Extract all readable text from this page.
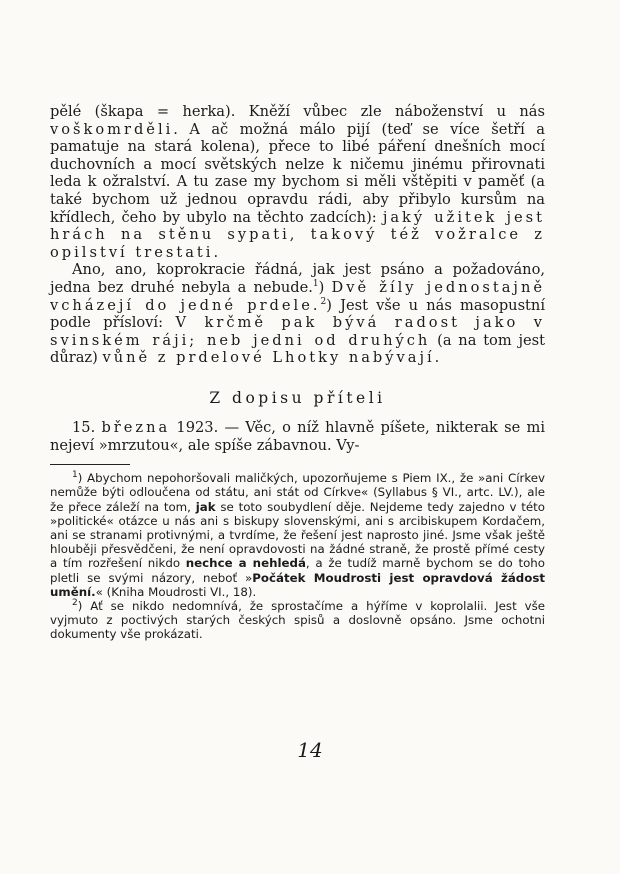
pělé (škapa = herka). Kněží vůbec zle náboženství u nás voškomrděli. A ač možná málo pijí (teď se více šetří a pamatuje na stará kolena), přece to libé páření dnešních mocí duchovních a mocí světských nelze k ničemu jinému přirovnati leda k ožralství. A tu zase my bychom si měli vštěpiti v paměť (a také bychom už jednou opravdu rádi, aby přibylo kursům na křídlech, čeho by ubylo na těchto zadcích): jaký užitek jest hrách na stěnu sypati, takový též vožralce z opilství trestati.

Ano, ano, koprokracie řádná, jak jest psáno a požadováno, jedna bez druhé nebyla a nebude.$^1$) Dvě žíly jednostajně vcházejí do jedné prdele.$^2$) Jest vše u nás masopustní podle přísloví: V krčmě pak bývá radost jako v svinském ráji; neb jedni od druhých (a na tom jest důraz) vůně z prdelové Lhotky nabývají.

Z dopisu příteli

15. března 1923. — Věc, o níž hlavně píšete, nikterak se mi nejeví »mrzutou«, ale spíše zábavnou. Vy-

$^1$) Abychom nepohoršovali maličkých, upozorňujeme s Piem IX., že »ani Církev nemůže býti odloučena od státu, ani stát od Církve« (Syllabus § VI., artc. LV.), ale že přece záleží na tom, jak se toto soubydlení děje. Nejdeme tedy zajedno v této »politické« otázce u nás ani s biskupy slovenskými, ani s arcibiskupem Kordačem, ani se stranami protivnými, a tvrdíme, že řešení jest naprosto jiné. Jsme však ještě hlouběji přesvědčeni, že není opravdovosti na žádné straně, že prostě přímé cesty a tím rozřešení nikdo nechce a nehledá, a že tudíž marně bychom se do toho pletli se svými názory, neboť »Počátek Moudrosti jest opravdová žádost umění.« (Kniha Moudrosti VI., 18).

$^2$) Ať se nikdo nedomnívá, že sprostačíme a hýříme v koprolalii. Jest vše vyjmuto z poctivých starých českých spisů a doslovně opsáno. Jsme ochotni dokumenty vše prokázati.

14
